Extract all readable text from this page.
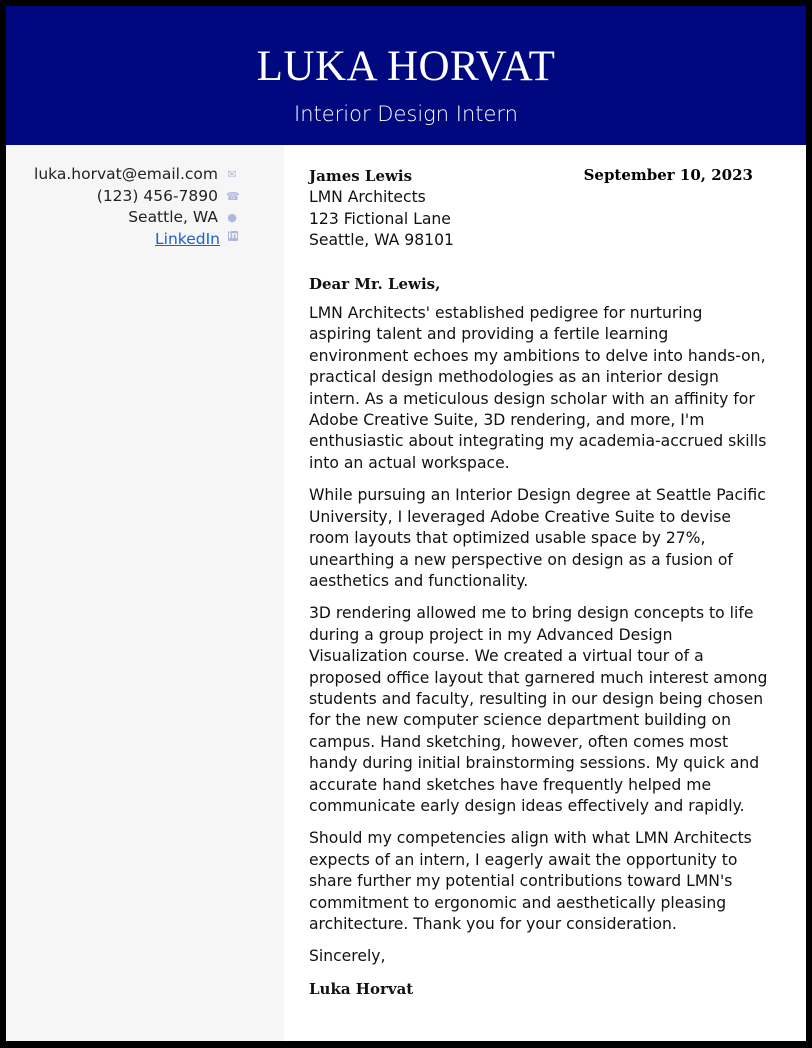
LUKA HORVAT
Interior Design Intern
luka.horvat@email.com ✉
(123) 456-7890 ☎
Seattle, WA ●
LinkedIn in
September 10, 2023
James Lewis
LMN Architects
123 Fictional Lane
Seattle, WA 98101
Dear Mr. Lewis,

LMN Architects' established pedigree for nurturing aspiring talent and providing a fertile learning environment echoes my ambitions to delve into hands-on, practical design methodologies as an interior design intern. As a meticulous design scholar with an affinity for Adobe Creative Suite, 3D rendering, and more, I'm enthusiastic about integrating my academia-accrued skills into an actual workspace.

While pursuing an Interior Design degree at Seattle Pacific University, I leveraged Adobe Creative Suite to devise room layouts that optimized usable space by 27%, unearthing a new perspective on design as a fusion of aesthetics and functionality.

3D rendering allowed me to bring design concepts to life during a group project in my Advanced Design Visualization course. We created a virtual tour of a proposed office layout that garnered much interest among students and faculty, resulting in our design being chosen for the new computer science department building on campus. Hand sketching, however, often comes most handy during initial brainstorming sessions. My quick and accurate hand sketches have frequently helped me communicate early design ideas effectively and rapidly.

Should my competencies align with what LMN Architects expects of an intern, I eagerly await the opportunity to share further my potential contributions toward LMN's commitment to ergonomic and aesthetically pleasing architecture. Thank you for your consideration.

Sincerely,

Luka Horvat
